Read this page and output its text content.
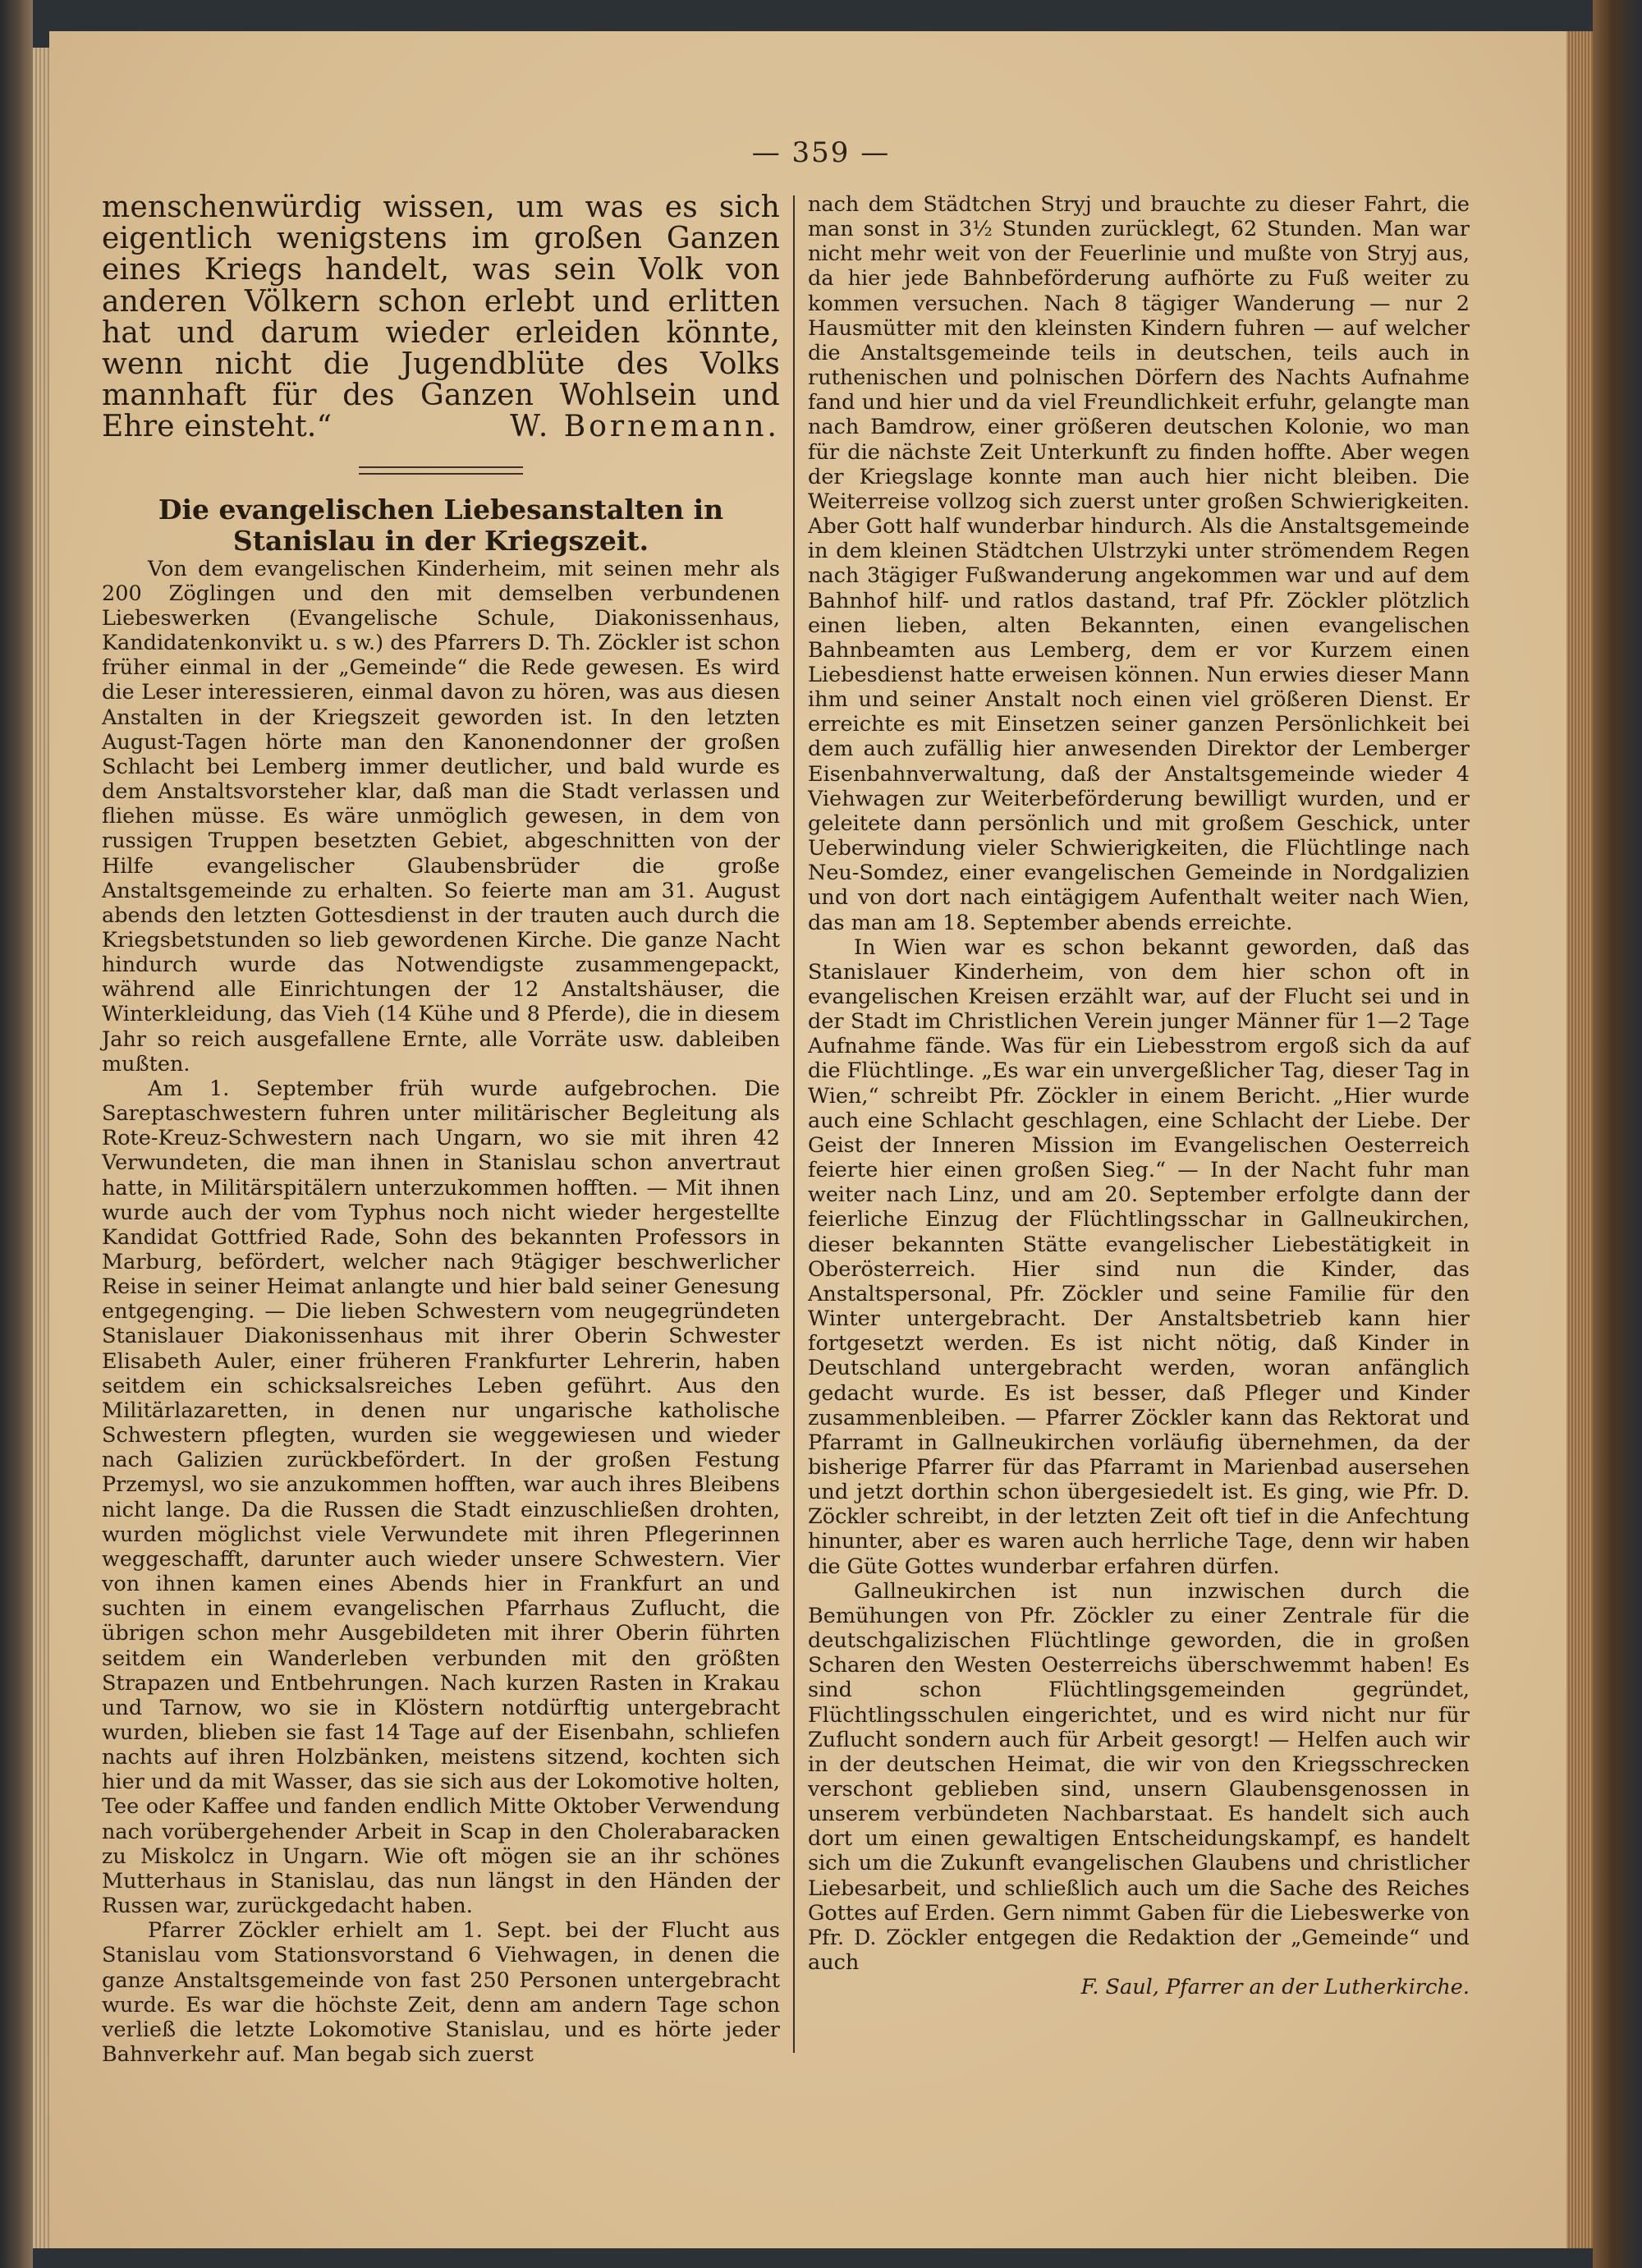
— 359 —

menschenwürdig wissen, um was es sich eigentlich wenigstens im großen Ganzen eines Kriegs handelt, was sein Volk von anderen Völkern schon erlebt und erlitten hat und darum wieder erleiden könnte, wenn nicht die Jugendblüte des Volks mannhaft für des Ganzen Wohlsein und Ehre einsteht.“	W. Bornemann.

Die evangelischen Liebesanstalten in Stanislau in der Kriegszeit.

Von dem evangelischen Kinderheim, mit seinen mehr als 200 Zöglingen und den mit demselben verbundenen Liebeswerken (Evangelische Schule, Diakonissenhaus, Kandidatenkonvikt u. s w.) des Pfarrers D. Th. Zöckler ist schon früher einmal in der „Gemeinde“ die Rede gewesen. Es wird die Leser interessieren, einmal davon zu hören, was aus diesen Anstalten in der Kriegszeit geworden ist. In den letzten August-Tagen hörte man den Kanonendonner der großen Schlacht bei Lemberg immer deutlicher, und bald wurde es dem Anstaltsvorsteher klar, daß man die Stadt verlassen und fliehen müsse. Es wäre unmöglich gewesen, in dem von russigen Truppen besetzten Gebiet, abgeschnitten von der Hilfe evangelischer Glaubensbrüder die große Anstaltsgemeinde zu erhalten. So feierte man am 31. August abends den letzten Gottesdienst in der trauten auch durch die Kriegsbetstunden so lieb gewordenen Kirche. Die ganze Nacht hindurch wurde das Notwendigste zusammengepackt, während alle Einrichtungen der 12 Anstaltshäuser, die Winterkleidung, das Vieh (14 Kühe und 8 Pferde), die in diesem Jahr so reich ausgefallene Ernte, alle Vorräte usw. dableiben mußten.

Am 1. September früh wurde aufgebrochen. Die Sareptaschwestern fuhren unter militärischer Begleitung als Rote-Kreuz-Schwestern nach Ungarn, wo sie mit ihren 42 Verwundeten, die man ihnen in Stanislau schon anvertraut hatte, in Militärspitälern unterzukommen hofften. — Mit ihnen wurde auch der vom Typhus noch nicht wieder hergestellte Kandidat Gottfried Rade, Sohn des bekannten Professors in Marburg, befördert, welcher nach 9tägiger beschwerlicher Reise in seiner Heimat anlangte und hier bald seiner Genesung entgegenging. — Die lieben Schwestern vom neugegründeten Stanislauer Diakonissenhaus mit ihrer Oberin Schwester Elisabeth Auler, einer früheren Frankfurter Lehrerin, haben seitdem ein schicksalsreiches Leben geführt. Aus den Militärlazaretten, in denen nur ungarische katholische Schwestern pflegten, wurden sie weggewiesen und wieder nach Galizien zurückbefördert. In der großen Festung Przemysl, wo sie anzukommen hofften, war auch ihres Bleibens nicht lange. Da die Russen die Stadt einzuschließen drohten, wurden möglichst viele Verwundete mit ihren Pflegerinnen weggeschafft, darunter auch wieder unsere Schwestern. Vier von ihnen kamen eines Abends hier in Frankfurt an und suchten in einem evangelischen Pfarrhaus Zuflucht, die übrigen schon mehr Ausgebildeten mit ihrer Oberin führten seitdem ein Wanderleben verbunden mit den größten Strapazen und Entbehrungen. Nach kurzen Rasten in Krakau und Tarnow, wo sie in Klöstern notdürftig untergebracht wurden, blieben sie fast 14 Tage auf der Eisenbahn, schliefen nachts auf ihren Holzbänken, meistens sitzend, kochten sich hier und da mit Wasser, das sie sich aus der Lokomotive holten, Tee oder Kaffee und fanden endlich Mitte Oktober Verwendung nach vorübergehender Arbeit in Scap in den Cholerabaracken zu Miskolcz in Ungarn. Wie oft mögen sie an ihr schönes Mutterhaus in Stanislau, das nun längst in den Händen der Russen war, zurückgedacht haben.

Pfarrer Zöckler erhielt am 1. Sept. bei der Flucht aus Stanislau vom Stationsvorstand 6 Viehwagen, in denen die ganze Anstaltsgemeinde von fast 250 Personen untergebracht wurde. Es war die höchste Zeit, denn am andern Tage schon verließ die letzte Lokomotive Stanislau, und es hörte jeder Bahnverkehr auf. Man begab sich zuerst

nach dem Städtchen Stryj und brauchte zu dieser Fahrt, die man sonst in 3½ Stunden zurücklegt, 62 Stunden. Man war nicht mehr weit von der Feuerlinie und mußte von Stryj aus, da hier jede Bahnbeförderung aufhörte zu Fuß weiter zu kommen versuchen. Nach 8 tägiger Wanderung — nur 2 Hausmütter mit den kleinsten Kindern fuhren — auf welcher die Anstaltsgemeinde teils in deutschen, teils auch in ruthenischen und polnischen Dörfern des Nachts Aufnahme fand und hier und da viel Freundlichkeit erfuhr, gelangte man nach Bamdrow, einer größeren deutschen Kolonie, wo man für die nächste Zeit Unterkunft zu finden hoffte. Aber wegen der Kriegslage konnte man auch hier nicht bleiben. Die Weiterreise vollzog sich zuerst unter großen Schwierigkeiten. Aber Gott half wunderbar hindurch. Als die Anstaltsgemeinde in dem kleinen Städtchen Ulstrzyki unter strömendem Regen nach 3tägiger Fußwanderung angekommen war und auf dem Bahnhof hilf- und ratlos dastand, traf Pfr. Zöckler plötzlich einen lieben, alten Bekannten, einen evangelischen Bahnbeamten aus Lemberg, dem er vor Kurzem einen Liebesdienst hatte erweisen können. Nun erwies dieser Mann ihm und seiner Anstalt noch einen viel größeren Dienst. Er erreichte es mit Einsetzen seiner ganzen Persönlichkeit bei dem auch zufällig hier anwesenden Direktor der Lemberger Eisenbahnverwaltung, daß der Anstaltsgemeinde wieder 4 Viehwagen zur Weiterbeförderung bewilligt wurden, und er geleitete dann persönlich und mit großem Geschick, unter Ueberwindung vieler Schwierigkeiten, die Flüchtlinge nach Neu-Somdez, einer evangelischen Gemeinde in Nordgalizien und von dort nach eintägigem Aufenthalt weiter nach Wien, das man am 18. September abends erreichte.

In Wien war es schon bekannt geworden, daß das Stanislauer Kinderheim, von dem hier schon oft in evangelischen Kreisen erzählt war, auf der Flucht sei und in der Stadt im Christlichen Verein junger Männer für 1—2 Tage Aufnahme fände. Was für ein Liebesstrom ergoß sich da auf die Flüchtlinge. „Es war ein unvergeßlicher Tag, dieser Tag in Wien,“ schreibt Pfr. Zöckler in einem Bericht. „Hier wurde auch eine Schlacht geschlagen, eine Schlacht der Liebe. Der Geist der Inneren Mission im Evangelischen Oesterreich feierte hier einen großen Sieg.“ — In der Nacht fuhr man weiter nach Linz, und am 20. September erfolgte dann der feierliche Einzug der Flüchtlingsschar in Gallneukirchen, dieser bekannten Stätte evangelischer Liebestätigkeit in Oberösterreich. Hier sind nun die Kinder, das Anstaltspersonal, Pfr. Zöckler und seine Familie für den Winter untergebracht. Der Anstaltsbetrieb kann hier fortgesetzt werden. Es ist nicht nötig, daß Kinder in Deutschland untergebracht werden, woran anfänglich gedacht wurde. Es ist besser, daß Pfleger und Kinder zusammenbleiben. — Pfarrer Zöckler kann das Rektorat und Pfarramt in Gallneukirchen vorläufig übernehmen, da der bisherige Pfarrer für das Pfarramt in Marienbad ausersehen und jetzt dorthin schon übergesiedelt ist. Es ging, wie Pfr. D. Zöckler schreibt, in der letzten Zeit oft tief in die Anfechtung hinunter, aber es waren auch herrliche Tage, denn wir haben die Güte Gottes wunderbar erfahren dürfen.

Gallneukirchen ist nun inzwischen durch die Bemühungen von Pfr. Zöckler zu einer Zentrale für die deutschgalizischen Flüchtlinge geworden, die in großen Scharen den Westen Oesterreichs überschwemmt haben! Es sind schon Flüchtlingsgemeinden gegründet, Flüchtlingsschulen eingerichtet, und es wird nicht nur für Zuflucht sondern auch für Arbeit gesorgt! — Helfen auch wir in der deutschen Heimat, die wir von den Kriegsschrecken verschont geblieben sind, unsern Glaubensgenossen in unserem verbündeten Nachbarstaat. Es handelt sich auch dort um einen gewaltigen Entscheidungskampf, es handelt sich um die Zukunft evangelischen Glaubens und christlicher Liebesarbeit, und schließlich auch um die Sache des Reiches Gottes auf Erden. Gern nimmt Gaben für die Liebeswerke von Pfr. D. Zöckler entgegen die Redaktion der „Gemeinde“ und auch

F. Saul, Pfarrer an der Lutherkirche.
